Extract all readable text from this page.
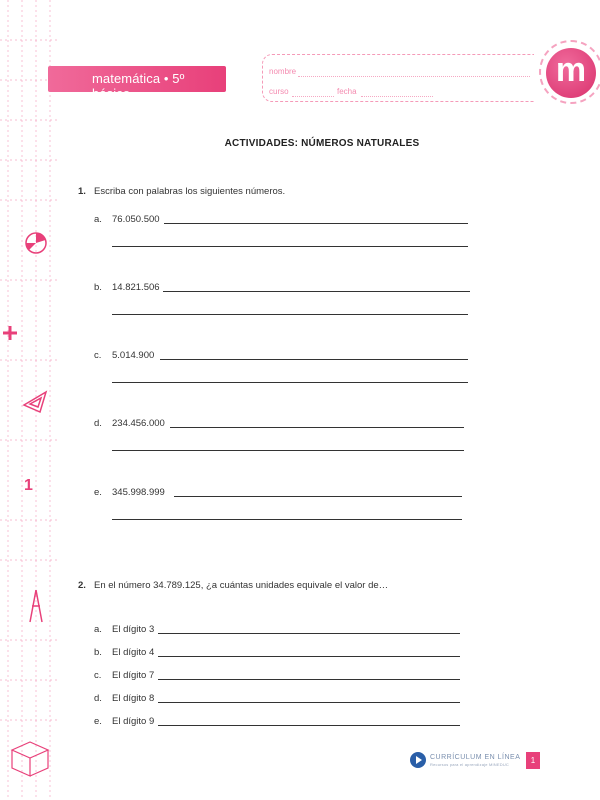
1
matemática • 5º básico
nombre
curso	fecha
m
ACTIVIDADES: NÚMEROS NATURALES
1. Escriba con palabras los siguientes números.
a. 76.050.500
b. 14.821.506
c. 5.014.900
d. 234.456.000
e. 345.998.999
2. En el número 34.789.125, ¿a cuántas unidades equivale el valor de…
a. El dígito 3
b. El dígito 4
c. El dígito 7
d. El dígito 8
e. El dígito 9
CURRÍCULUM EN LÍNEA
Recursos para el aprendizaje MINEDUC	1
